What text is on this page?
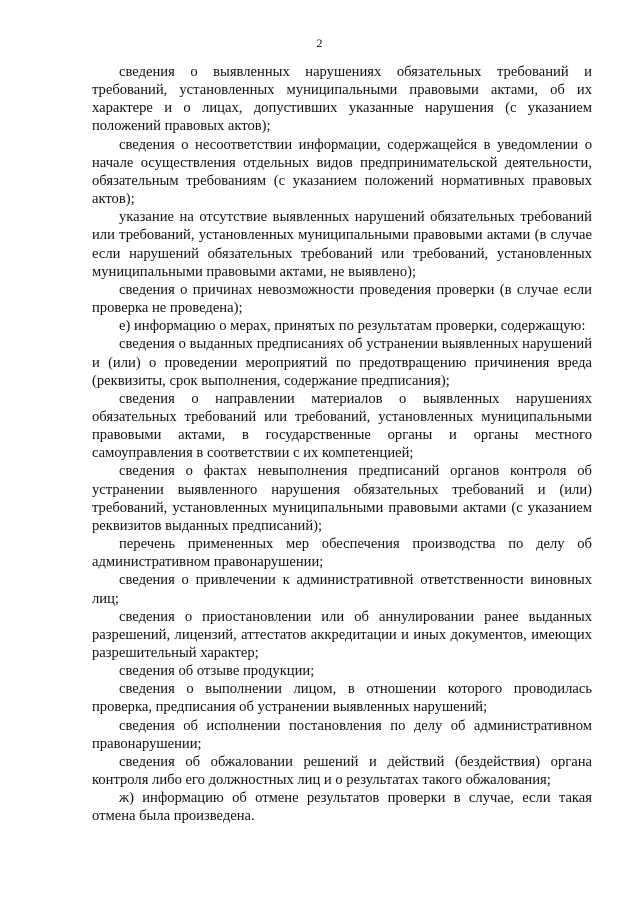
2

сведения о выявленных нарушениях обязательных требований и требований, установленных муниципальными правовыми актами, об их характере и о лицах, допустивших указанные нарушения (с указанием положений правовых актов);

сведения о несоответствии информации, содержащейся в уведомлении о начале осуществления отдельных видов предпринимательской деятельности, обязательным требованиям (с указанием положений нормативных правовых актов);

указание на отсутствие выявленных нарушений обязательных требований или требований, установленных муниципальными правовыми актами (в случае если нарушений обязательных требований или требований, установленных муниципальными правовыми актами, не выявлено);

сведения о причинах невозможности проведения проверки (в случае если проверка не проведена);

е) информацию о мерах, принятых по результатам проверки, содержащую:

сведения о выданных предписаниях об устранении выявленных нарушений и (или) о проведении мероприятий по предотвращению причинения вреда (реквизиты, срок выполнения, содержание предписания);

сведения о направлении материалов о выявленных нарушениях обязательных требований или требований, установленных муниципальными правовыми актами, в государственные органы и органы местного самоуправления в соответствии с их компетенцией;

сведения о фактах невыполнения предписаний органов контроля об устранении выявленного нарушения обязательных требований и (или) требований, установленных муниципальными правовыми актами (с указанием реквизитов выданных предписаний);

перечень примененных мер обеспечения производства по делу об административном правонарушении;

сведения о привлечении к административной ответственности виновных лиц;

сведения о приостановлении или об аннулировании ранее выданных разрешений, лицензий, аттестатов аккредитации и иных документов, имеющих разрешительный характер;

сведения об отзыве продукции;

сведения о выполнении лицом, в отношении которого проводилась проверка, предписания об устранении выявленных нарушений;

сведения об исполнении постановления по делу об административном правонарушении;

сведения об обжаловании решений и действий (бездействия) органа контроля либо его должностных лиц и о результатах такого обжалования;

ж) информацию об отмене результатов проверки в случае, если такая отмена была произведена.
